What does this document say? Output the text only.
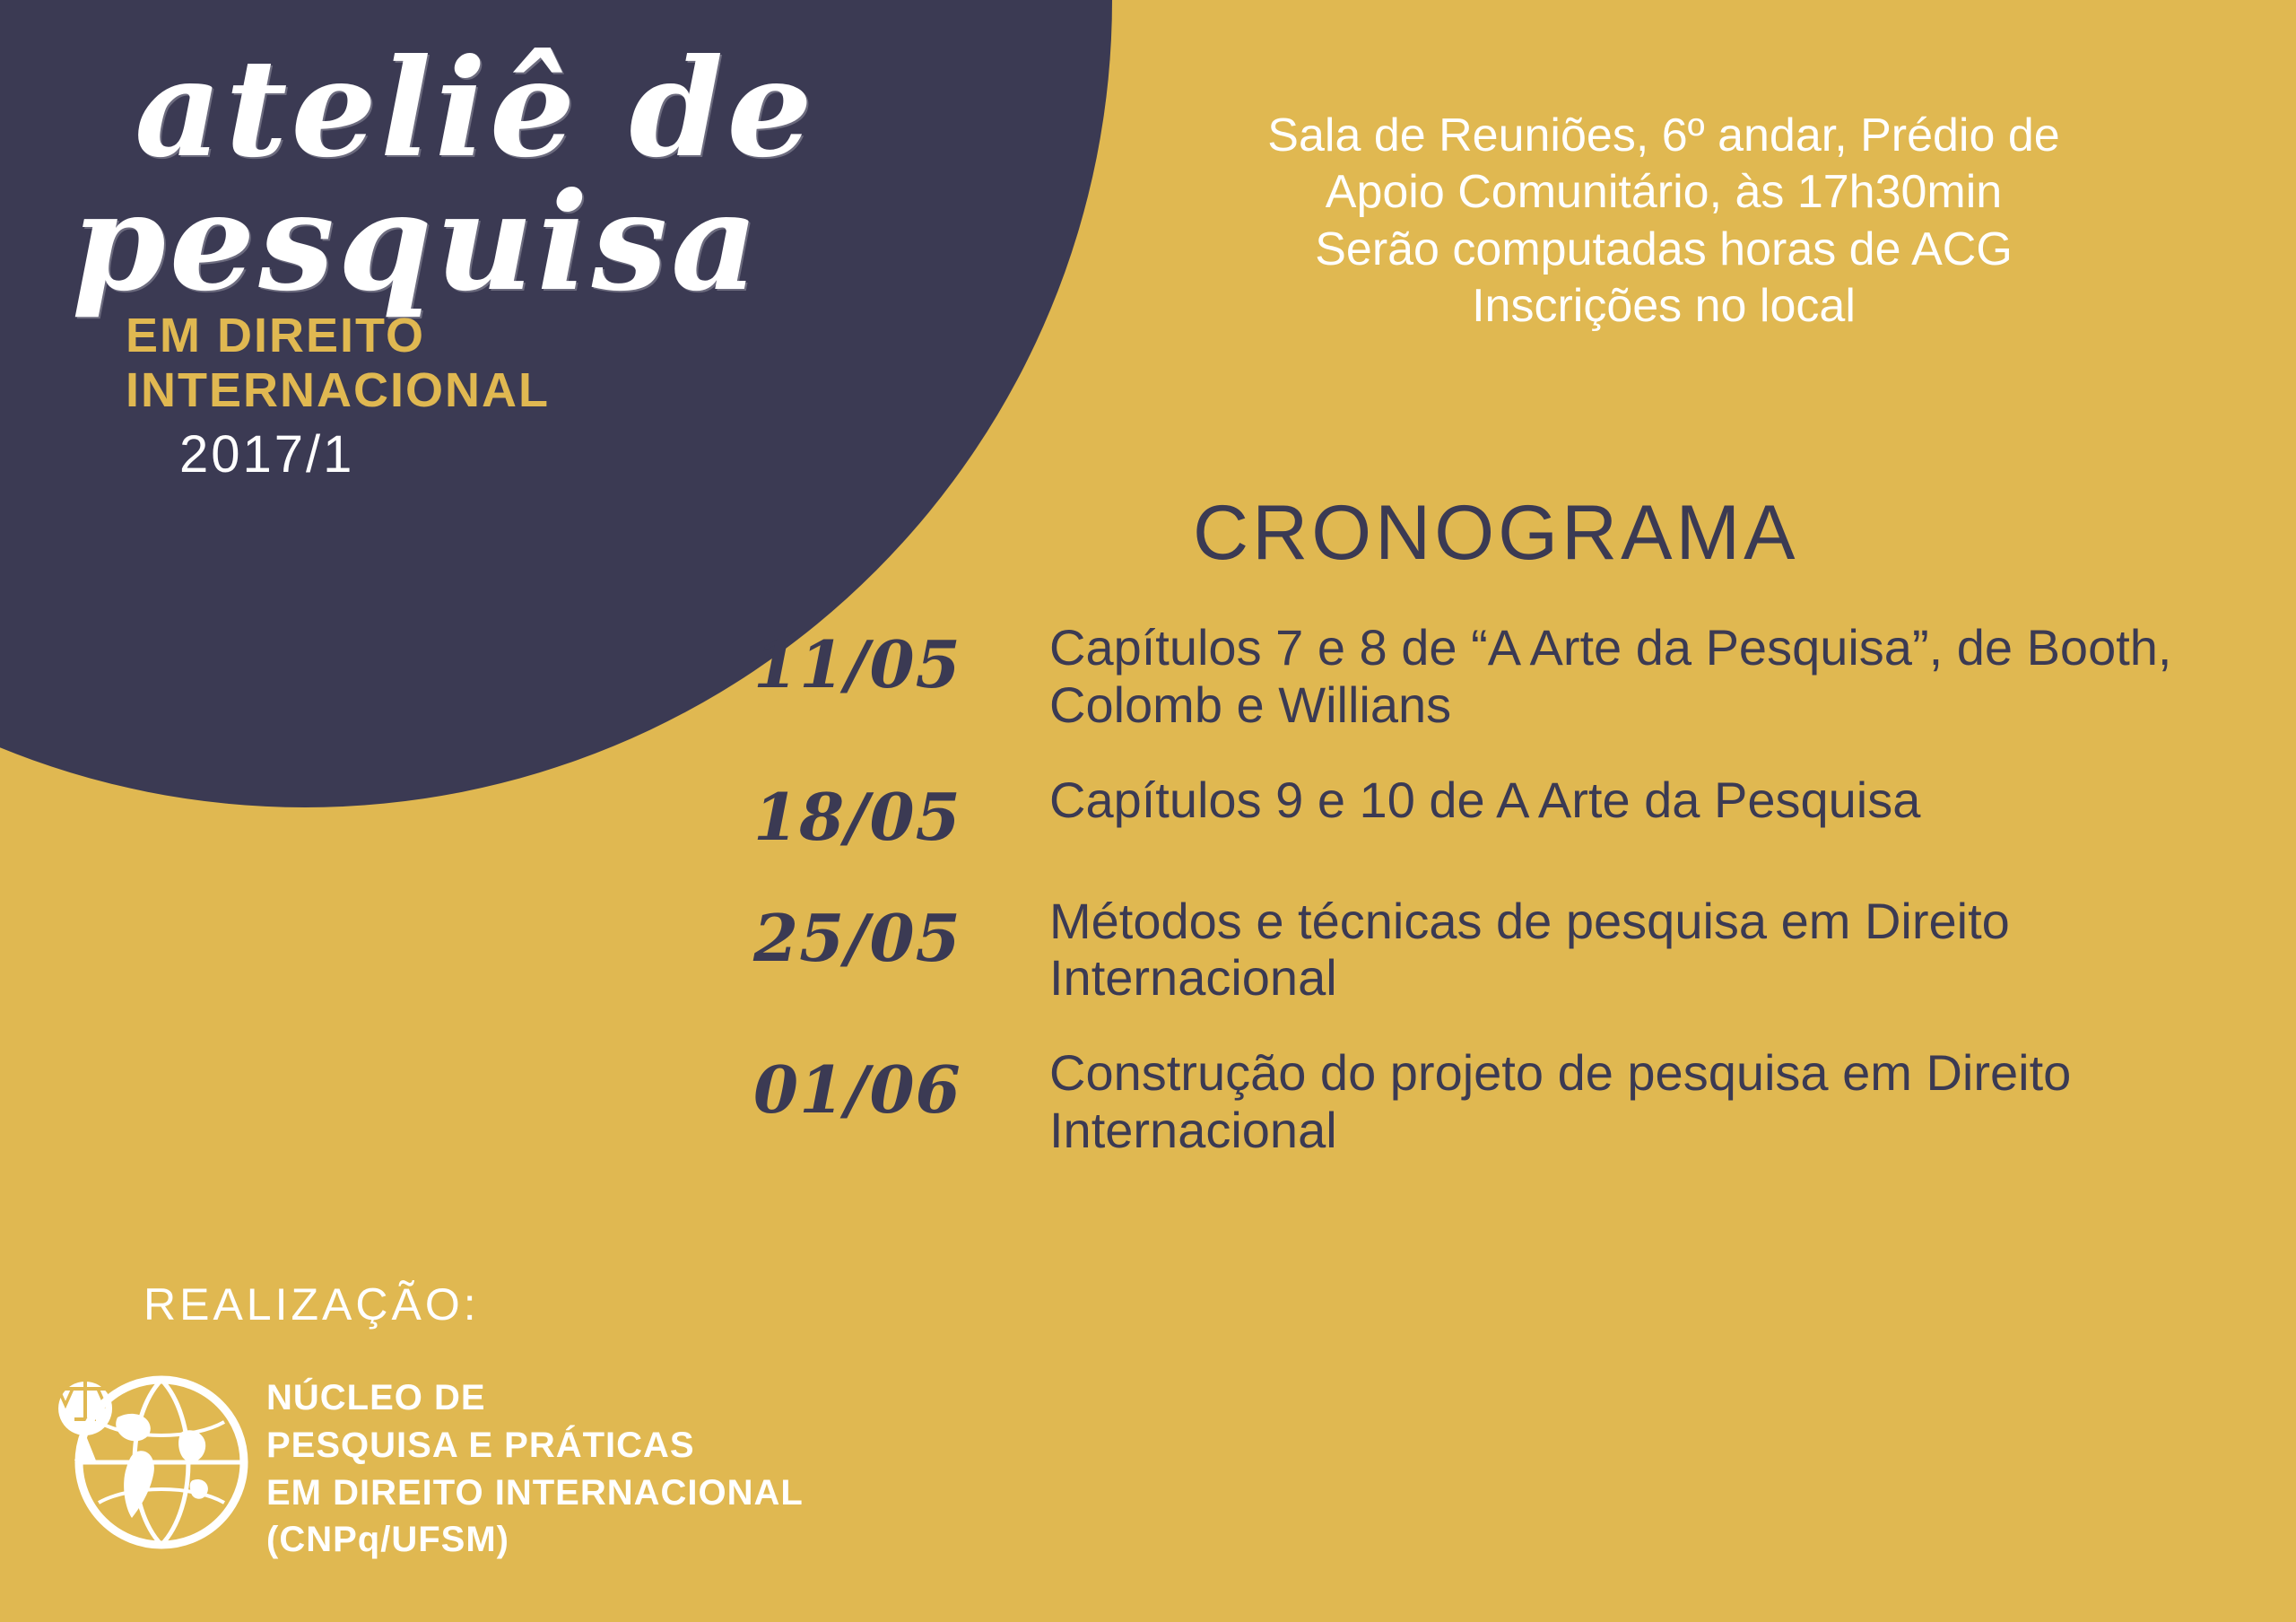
ateliê de
pesquisa
EM DIREITO
INTERNACIONAL
2017/1
Sala de Reuniões, 6º andar, Prédio de
Apoio Comunitário, às 17h30min
Serão computadas horas de ACG
Inscrições no local
CRONOGRAMA
11/05	Capítulos 7 e 8 de “A Arte da Pesquisa”, de Booth, Colomb e Willians
18/05	Capítulos 9 e 10 de A Arte da Pesquisa
25/05	Métodos e técnicas de pesquisa em Direito Internacional
01/06	Construção do projeto de pesquisa em Direito Internacional
REALIZAÇÃO:
NÚCLEO DE
PESQUISA E PRÁTICAS
EM DIREITO INTERNACIONAL
(CNPq/UFSM)
